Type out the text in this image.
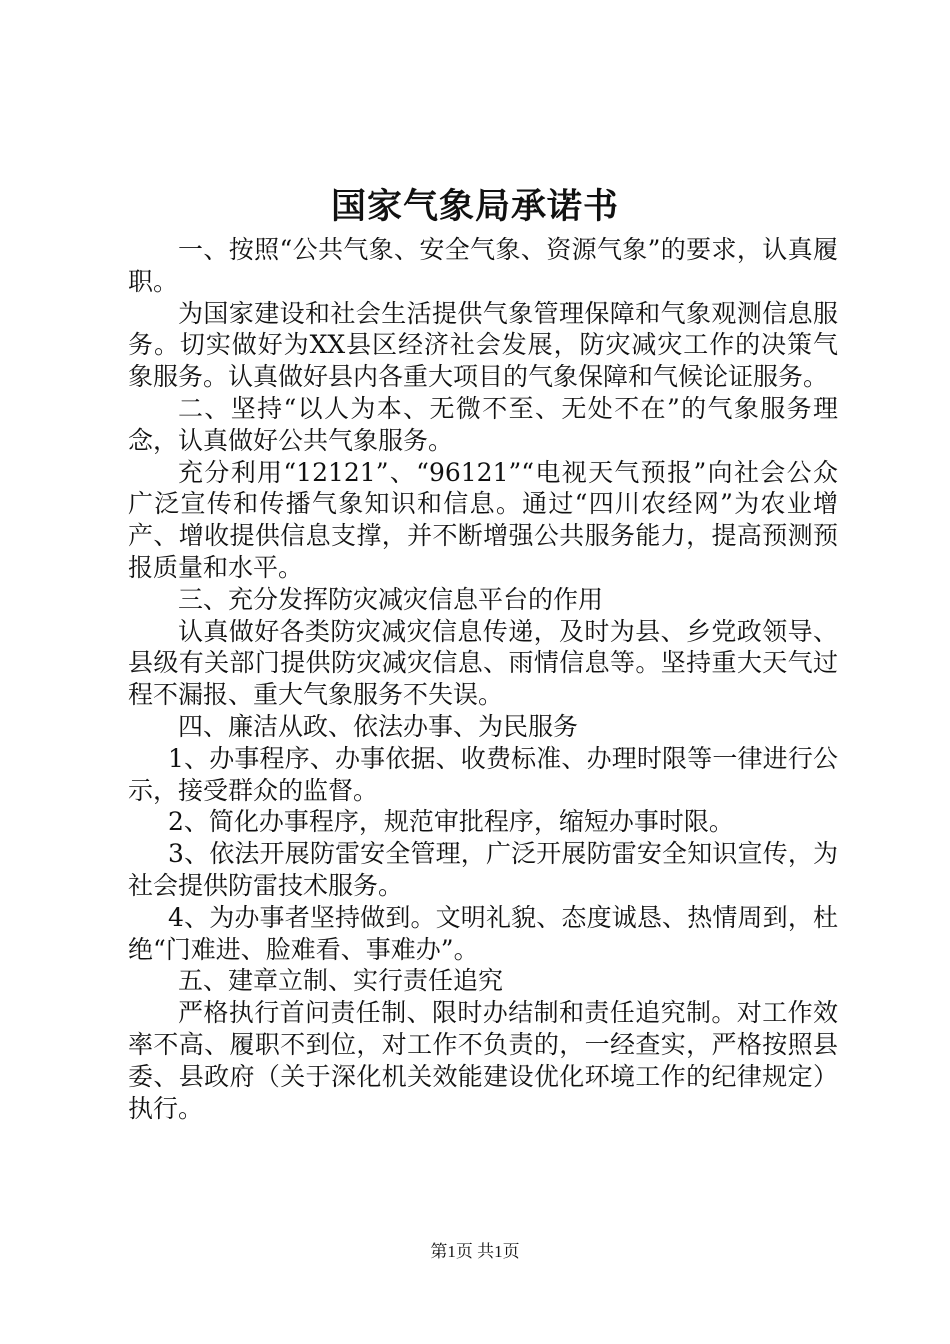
国家气象局承诺书

一、按照“公共气象、安全气象、资源气象”的要求，认真履职。

为国家建设和社会生活提供气象管理保障和气象观测信息服务。切实做好为XX县区经济社会发展，防灾减灾工作的决策气象服务。认真做好县内各重大项目的气象保障和气候论证服务。

二、坚持“以人为本、无微不至、无处不在”的气象服务理念，认真做好公共气象服务。

充分利用“12121”、“96121”“电视天气预报”向社会公众广泛宣传和传播气象知识和信息。通过“四川农经网”为农业增产、增收提供信息支撑，并不断增强公共服务能力，提高预测预报质量和水平。

三、充分发挥防灾减灾信息平台的作用

认真做好各类防灾减灾信息传递，及时为县、乡党政领导、县级有关部门提供防灾减灾信息、雨情信息等。坚持重大天气过程不漏报、重大气象服务不失误。

四、廉洁从政、依法办事、为民服务

1、办事程序、办事依据、收费标准、办理时限等一律进行公示，接受群众的监督。

2、简化办事程序，规范审批程序，缩短办事时限。

3、依法开展防雷安全管理，广泛开展防雷安全知识宣传，为社会提供防雷技术服务。

4、为办事者坚持做到。文明礼貌、态度诚恳、热情周到，杜绝“门难进、脸难看、事难办”。

五、建章立制、实行责任追究

严格执行首问责任制、限时办结制和责任追究制。对工作效率不高、履职不到位，对工作不负责的，一经查实，严格按照县委、县政府（关于深化机关效能建设优化环境工作的纪律规定）执行。

第1页 共1页
